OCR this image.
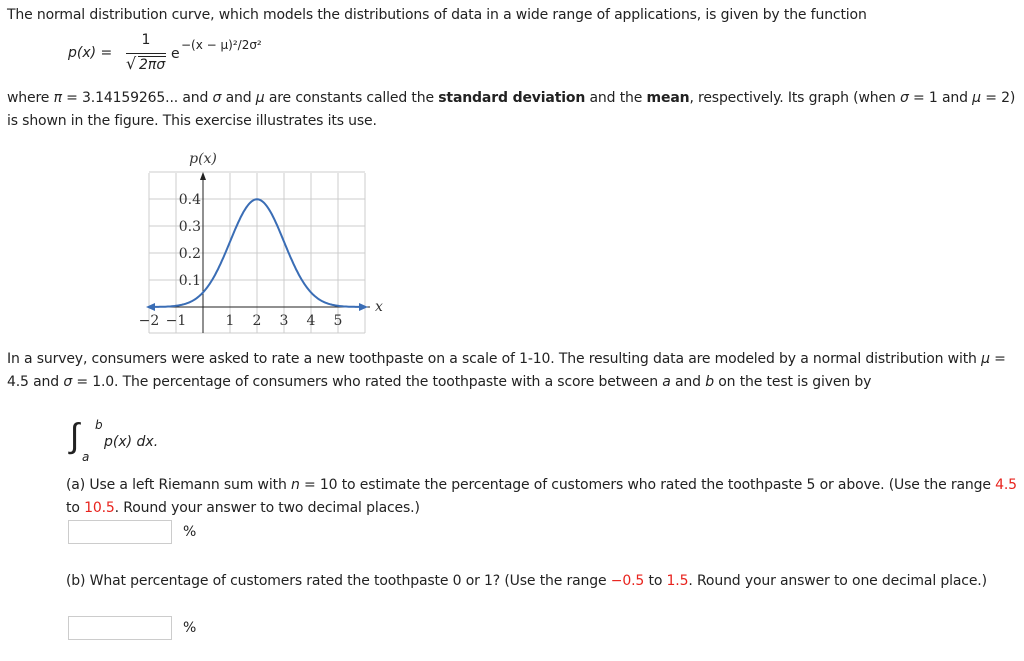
The normal distribution curve, which models the distributions of data in a wide range of applications, is given by the function

p(x) =
1
√ 2πσ
e
−(x − μ)²/2σ²

where π = 3.14159265... and σ and μ are constants called the standard deviation and the mean, respectively. Its graph (when σ = 1 and μ = 2) is shown in the figure. This exercise illustrates its use.

−2 −1	1 2 3 4 5
0.1
0.2
0.3
0.4
x
p(x)

In a survey, consumers were asked to rate a new toothpaste on a scale of 1-10. The resulting data are modeled by a normal distribution with μ = 4.5 and σ = 1.0. The percentage of consumers who rated the toothpaste with a score between a and b on the test is given by

∫ b
a
p(x) dx.

(a) Use a left Riemann sum with n = 10 to estimate the percentage of customers who rated the toothpaste 5 or above. (Use the range 4.5 to 10.5. Round your answer to two decimal places.)

%

(b) What percentage of customers rated the toothpaste 0 or 1? (Use the range −0.5 to 1.5. Round your answer to one decimal place.)

%
